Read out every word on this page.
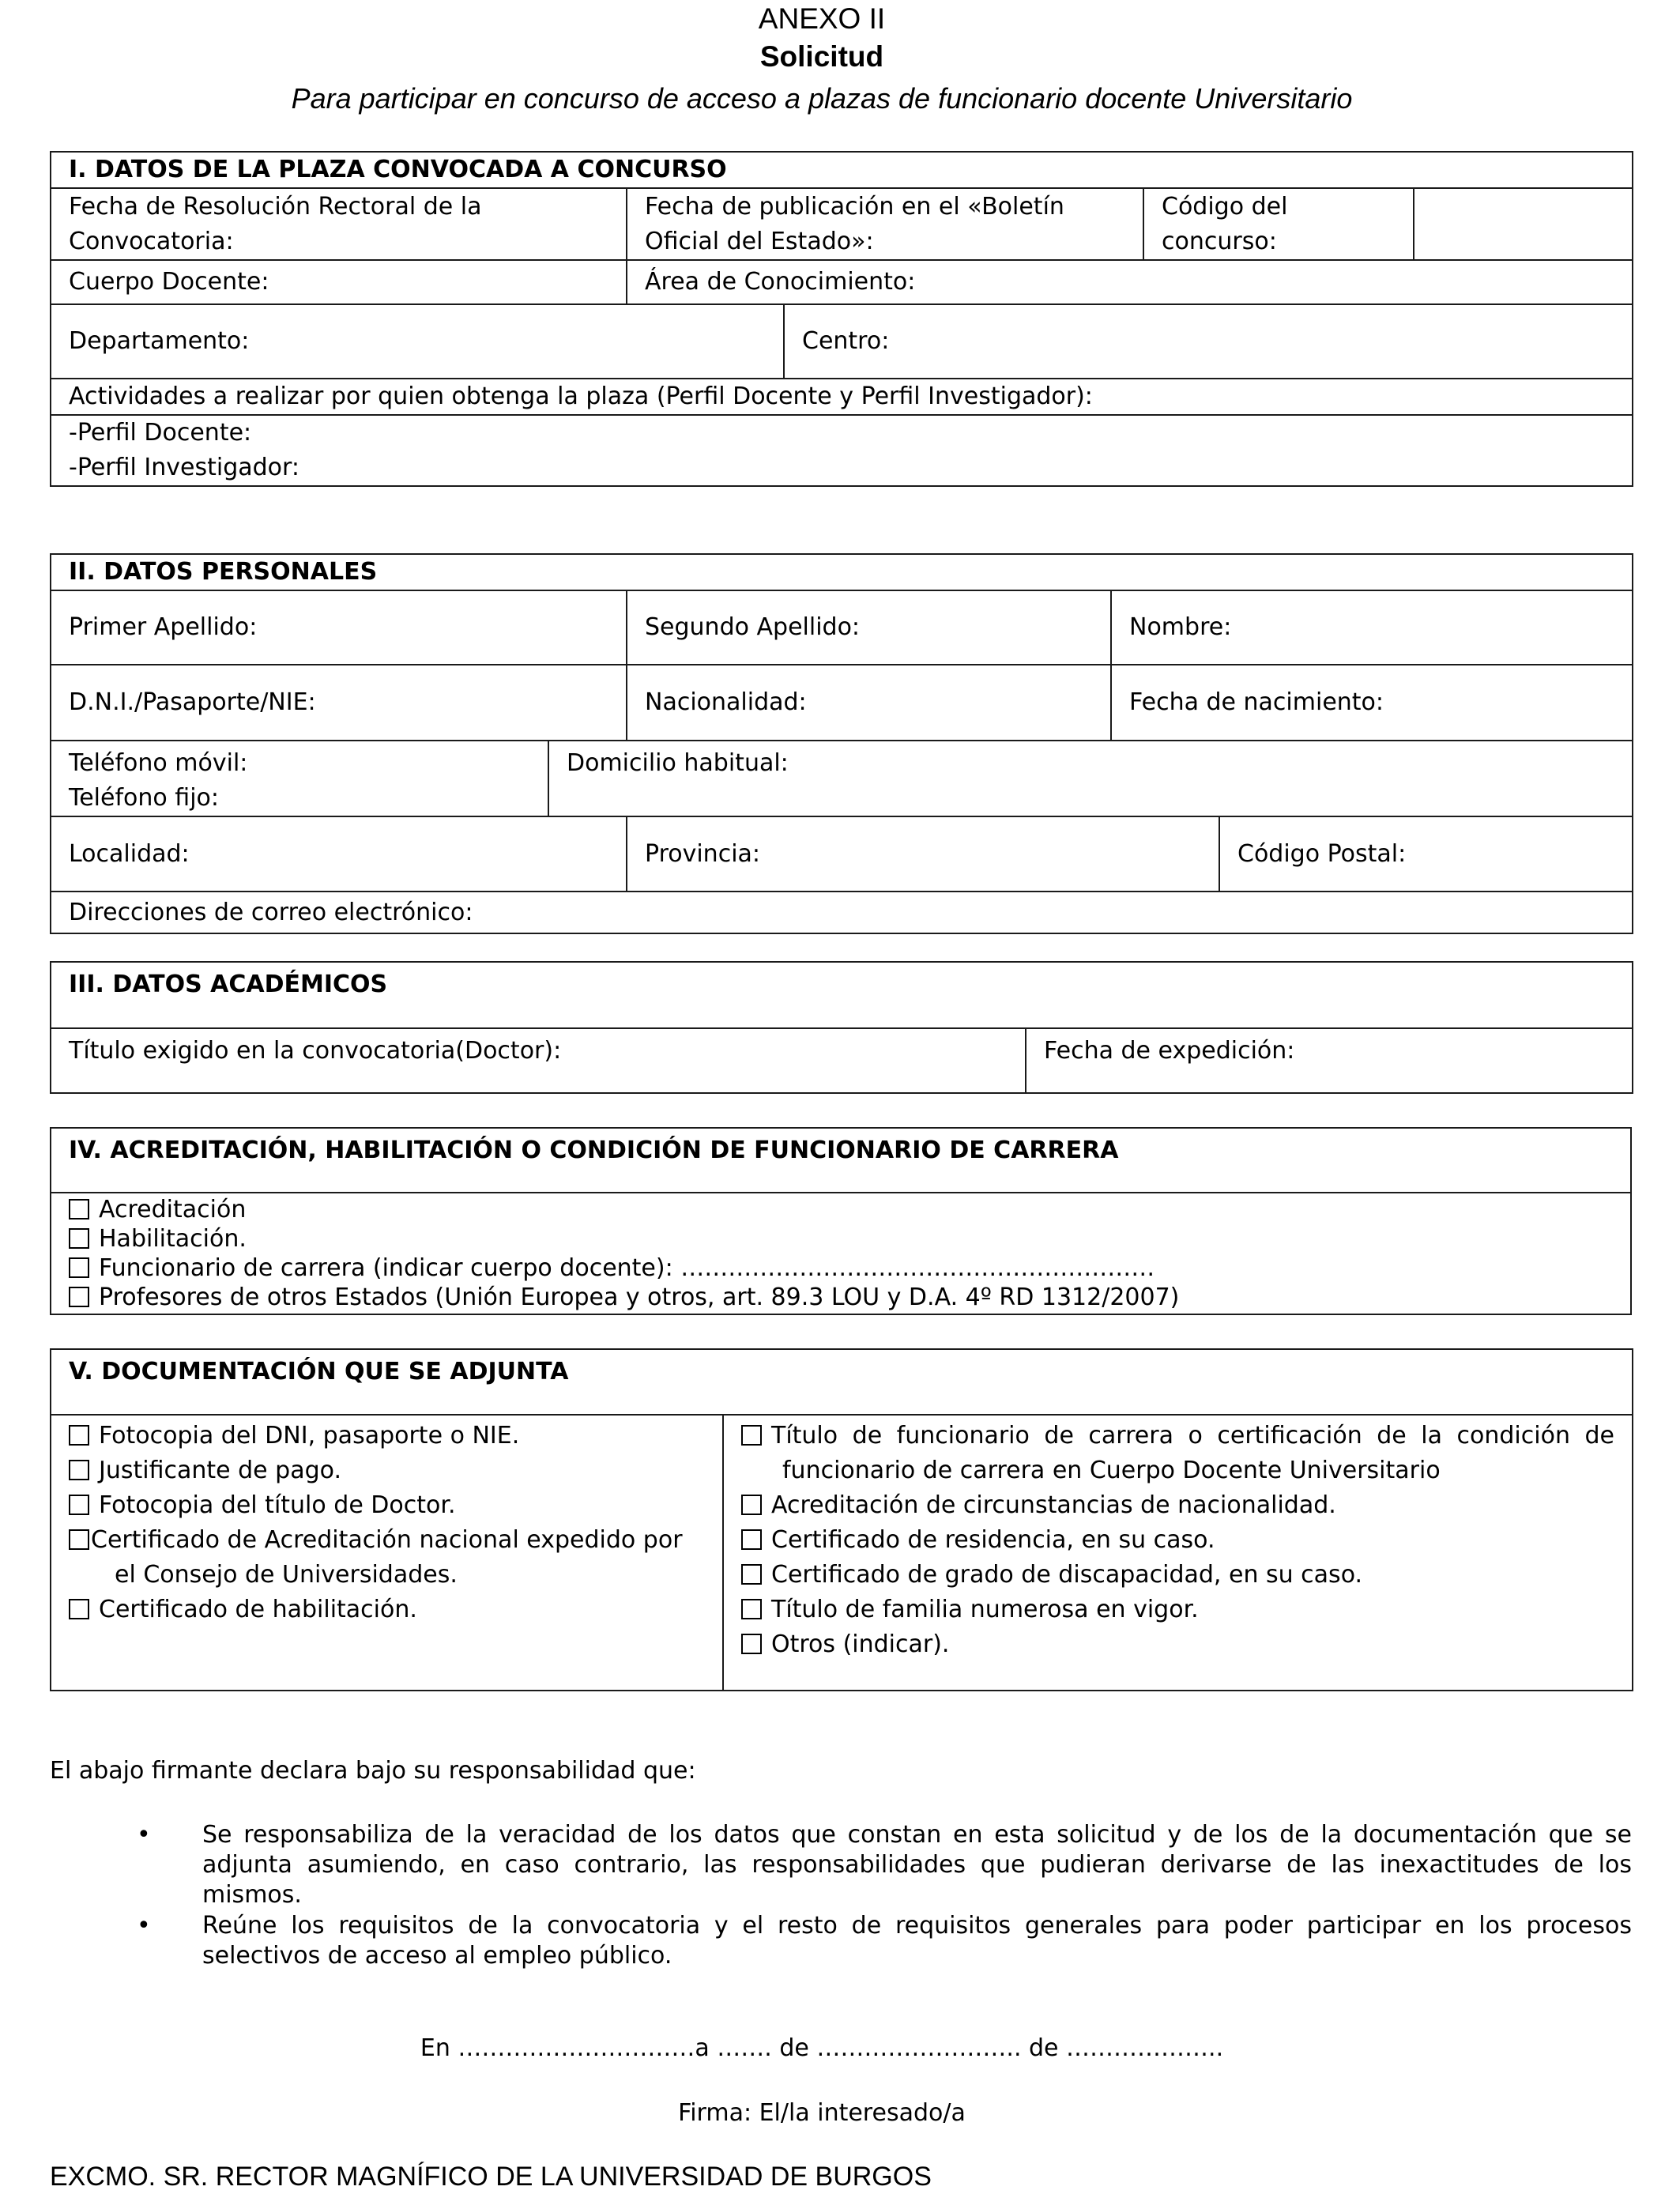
ANEXO II
Solicitud
Para participar en concurso de acceso a plazas de funcionario docente Universitario
I. DATOS DE LA PLAZA CONVOCADA A CONCURSO				
Fecha de Resolución Rectoral de la Convocatoria:	Fecha de publicación en el «Boletín Oficial del Estado»:		Código del concurso:	
Cuerpo Docente:	Área de Conocimiento:			
Departamento:		Centro:		
Actividades a realizar por quien obtenga la plaza (Perfil Docente y Perfil Investigador):				

-Perfil Docente:
-Perfil Investigador:				
II. DATOS PERSONALES				
Primer Apellido:		Segundo Apellido:	Nombre:	
D.N.I./Pasaporte/NIE:		Nacionalidad:	Fecha de nacimiento:	

Teléfono móvil:
Teléfono fijo:	Domicilio habitual:			
Localidad:		Provincia:		Código Postal:
Direcciones de correo electrónico:				
III. DATOS ACADÉMICOS
Título exigido en la convocatoria(Doctor):	Fecha de expedición:
IV. ACREDITACIÓN, HABILITACIÓN O CONDICIÓN DE FUNCIONARIO DE CARRERA

Acreditación
Habilitación.
Funcionario de carrera (indicar cuerpo docente): ……………………………………………………
Profesores de otros Estados (Unión Europea y otros, art. 89.3 LOU y D.A. 4º RD 1312/2007)
V. DOCUMENTACIÓN QUE SE ADJUNTA

Fotocopia del DNI, pasaporte o NIE.
Justificante de pago.
Fotocopia del título de Doctor.
Certificado de Acreditación nacional expedido por
el Consejo de Universidades.
Certificado de habilitación.

Título de funcionario de carrera o certificación de la condición de
funcionario de carrera en Cuerpo Docente Universitario
Acreditación de circunstancias de nacionalidad.
Certificado de residencia, en su caso.
Certificado de grado de discapacidad, en su caso.
Título de familia numerosa en vigor.
Otros (indicar).
El abajo firmante declara bajo su responsabilidad que:
• Se responsabiliza de la veracidad de los datos que constan en esta solicitud y de los de la documentación que se adjunta asumiendo, en caso contrario, las responsabilidades que pudieran derivarse de las inexactitudes de los mismos.
• Reúne los requisitos de la convocatoria y el resto de requisitos generales para poder participar en los procesos selectivos de acceso al empleo público.
En …………………………a ……. de …………………….. de ………………..
Firma: El/la interesado/a
EXCMO. SR. RECTOR MAGNÍFICO DE LA UNIVERSIDAD DE BURGOS
